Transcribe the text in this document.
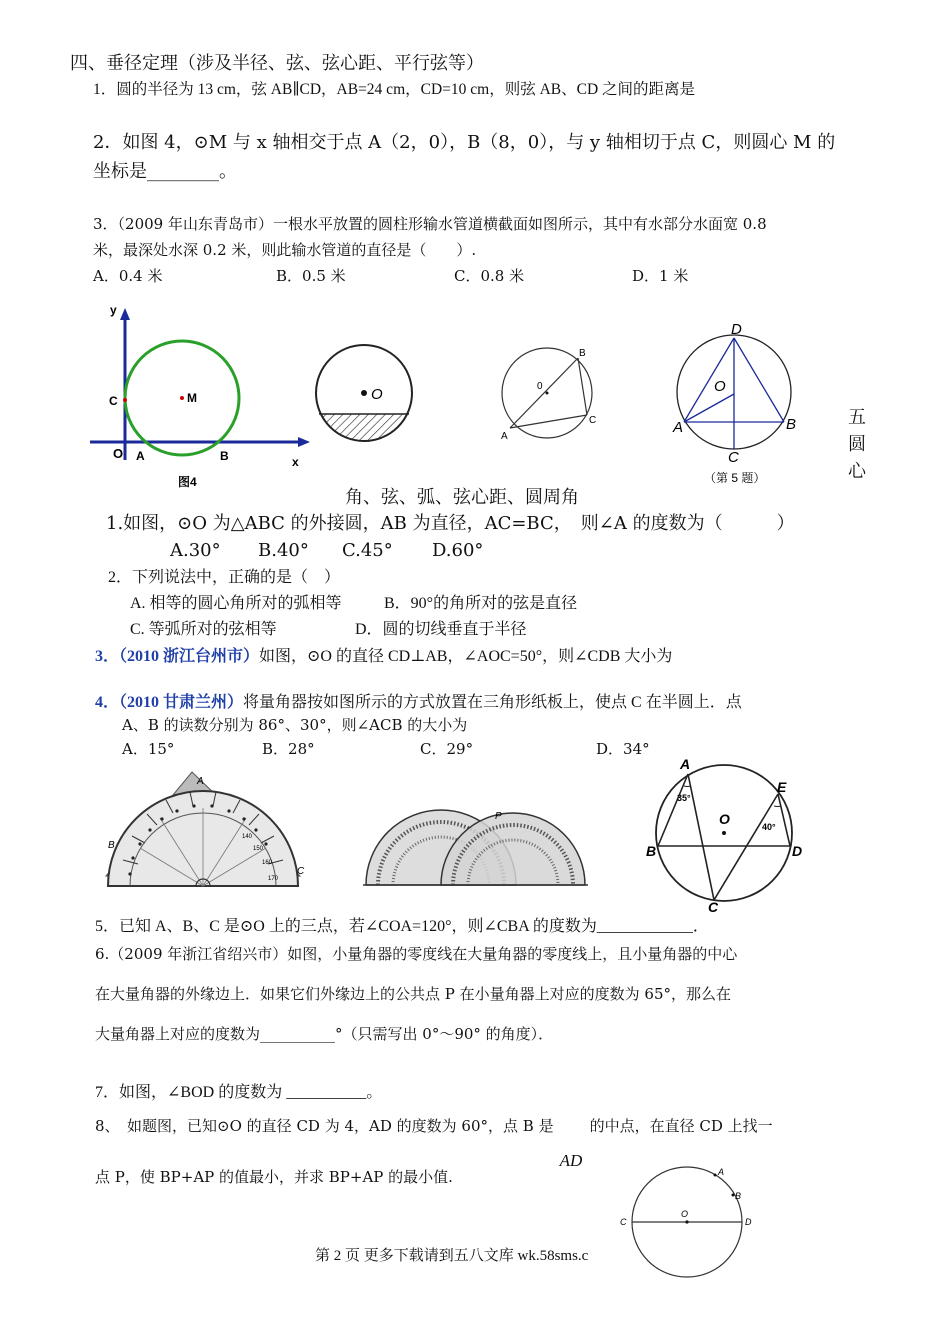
四、垂径定理（涉及半径、弦、弦心距、平行弦等）
1．圆的半径为 13 cm，弦 AB∥CD，AB=24 cm，CD=10 cm，则弦 AB、CD 之间的距离是
2．如图 4，⊙M 与 x 轴相交于点 A（2，0），B（8，0），与 y 轴相切于点 C，则圆心 M 的
坐标是________。
3．（2009 年山东青岛市）一根水平放置的圆柱形输水管道横截面如图所示，其中有水部分水面宽 0.8
米，最深处水深 0.2 米，则此输水管道的直径是（　　）.
A．0.4 米	B．0.5 米	C．0.8 米	D．1 米
y
x
C	M
O A	B
图4
O	0
A
B
C
D
O
A	B
C
（第 5 题）
五
圆
心
角、弦、弧、弦心距、圆周角
1.如图，⊙O 为△ABC 的外接圆，AB 为直径，AC=BC，　则∠A 的度数为（　　　）
A.30° B.40° C.45° D.60°
2．下列说法中，正确的是（　）
A. 相等的圆心角所对的弧相等	B．90°的角所对的弦是直径
C. 等弧所对的弦相等	D．圆的切线垂直于半径
3．（2010 浙江台州市）如图，⊙O 的直径 CD⊥AB，∠AOC=50°，则∠CDB 大小为
4．（2010 甘肃兰州）将量角器按如图所示的方式放置在三角形纸板上，使点 C 在半圆上．点
A、B 的读数分别为 86°、30°，则∠ACB 的大小为
A．15°	B．28°	C．29°	D．34°
A
B
C
170
160
150
140
P
A
E
O
B	D
C
35°
40°
5．已知 A、B、C 是⊙O 上的三点，若∠COA=120°，则∠CBA 的度数为____________．
6.（2009 年浙江省绍兴市）如图，小量角器的零度线在大量角器的零度线上，且小量角器的中心
在大量角器的外缘边上．如果它们外缘边上的公共点 P 在小量角器上对应的度数为 65°，那么在
大量角器上对应的度数为__________°（只需写出 0°～90° 的角度）．
7．如图，∠BOD 的度数为 __________。
8、　如题图，已知⊙O 的直径 CD 为 4，AD 的度数为 60°，点 B 是
AD
的中点，在直径 CD 上找一
点 P，使 BP+AP 的值最小，并求 BP+AP 的最小值.	A
B
C
O
D
第 2 页 更多下载请到五八文库 wk.58sms.c
